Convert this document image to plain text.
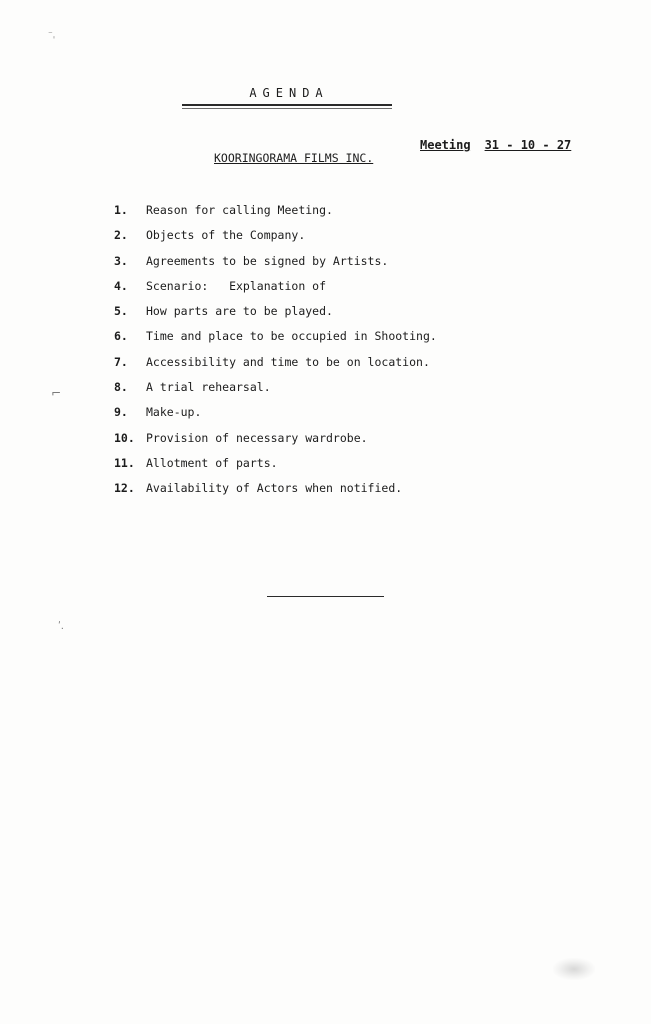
⁻ˌ
⌐
ʹ.
AGENDA
Meeting 31 - 10 - 27
KOORINGORAMA FILMS INC.
1.	Reason for calling Meeting.
2.	Objects of the Company.
3.	Agreements to be signed by Artists.
4.	Scenario:   Explanation of
5.	How parts are to be played.
6.	Time and place to be occupied in Shooting.
7.	Accessibility and time to be on location.
8.	A trial rehearsal.
9.	Make-up.
10. Provision of necessary wardrobe.
11. Allotment of parts.
12. Availability of Actors when notified.
